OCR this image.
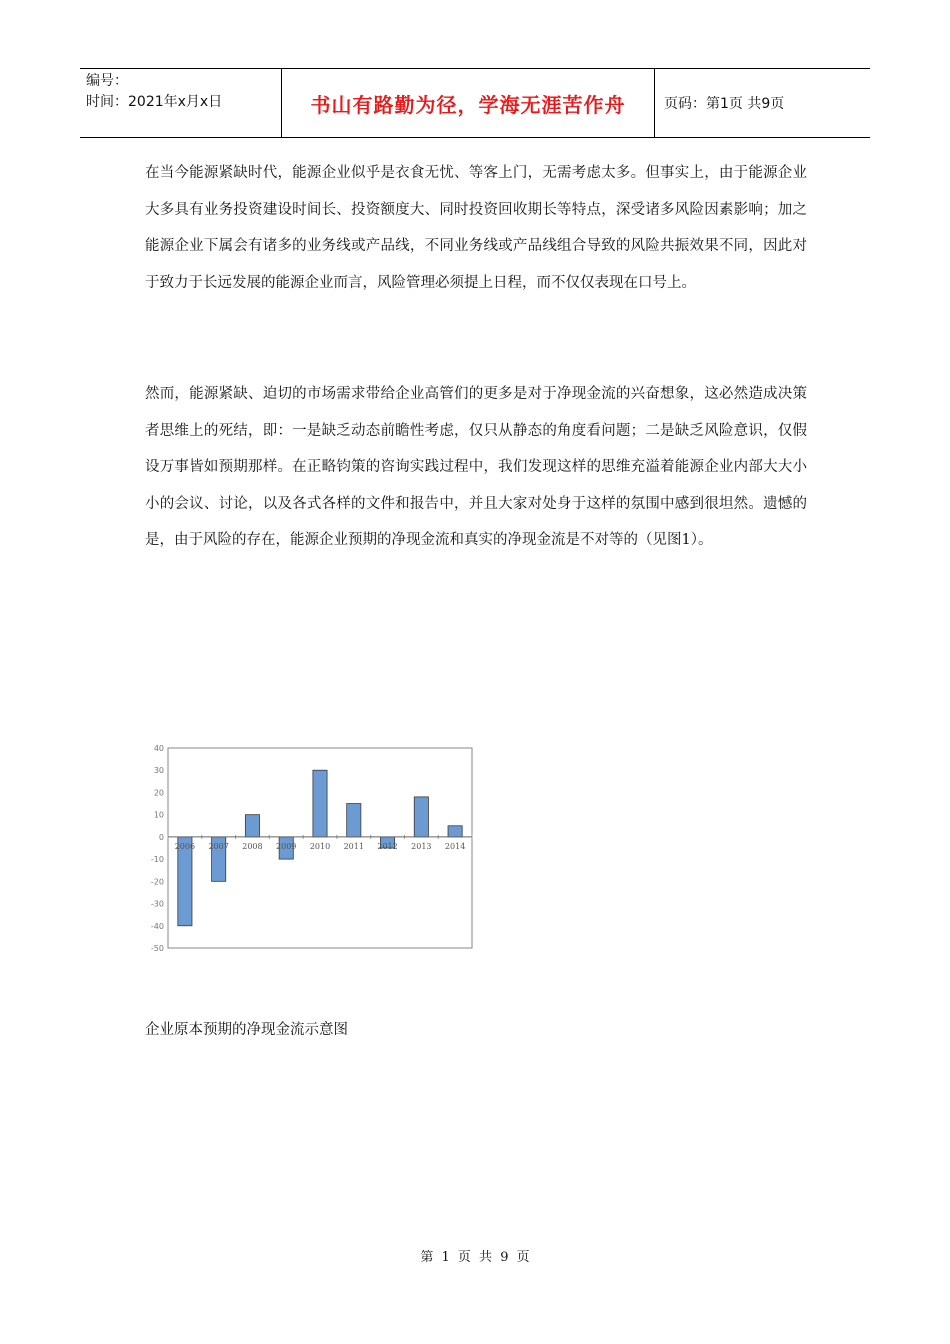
编号：
时间：2021年x月x日	书山有路勤为径，学海无涯苦作舟	页码：第1页 共9页

在当今能源紧缺时代，能源企业似乎是衣食无忧、等客上门，无需考虑太多。但事实上，由于能源企业大多具有业务投资建设时间长、投资额度大、同时投资回收期长等特点，深受诸多风险因素影响；加之能源企业下属会有诸多的业务线或产品线，不同业务线或产品线组合导致的风险共振效果不同，因此对于致力于长远发展的能源企业而言，风险管理必须提上日程，而不仅仅表现在口号上。

然而，能源紧缺、迫切的市场需求带给企业高管们的更多是对于净现金流的兴奋想象，这必然造成决策者思维上的死结，即：一是缺乏动态前瞻性考虑，仅只从静态的角度看问题；二是缺乏风险意识，仅假设万事皆如预期那样。在正略钧策的咨询实践过程中，我们发现这样的思维充溢着能源企业内部大大小小的会议、讨论，以及各式各样的文件和报告中，并且大家对处身于这样的氛围中感到很坦然。遗憾的是，由于风险的存在，能源企业预期的净现金流和真实的净现金流是不对等的（见图1）。

40
30
20
10
0
-10
-20
-30
-40
-50
2006 2007 2008 2009 2010 2011 2012 2013 2014
企业原本预期的净现金流示意图
第 1 页 共 9 页
